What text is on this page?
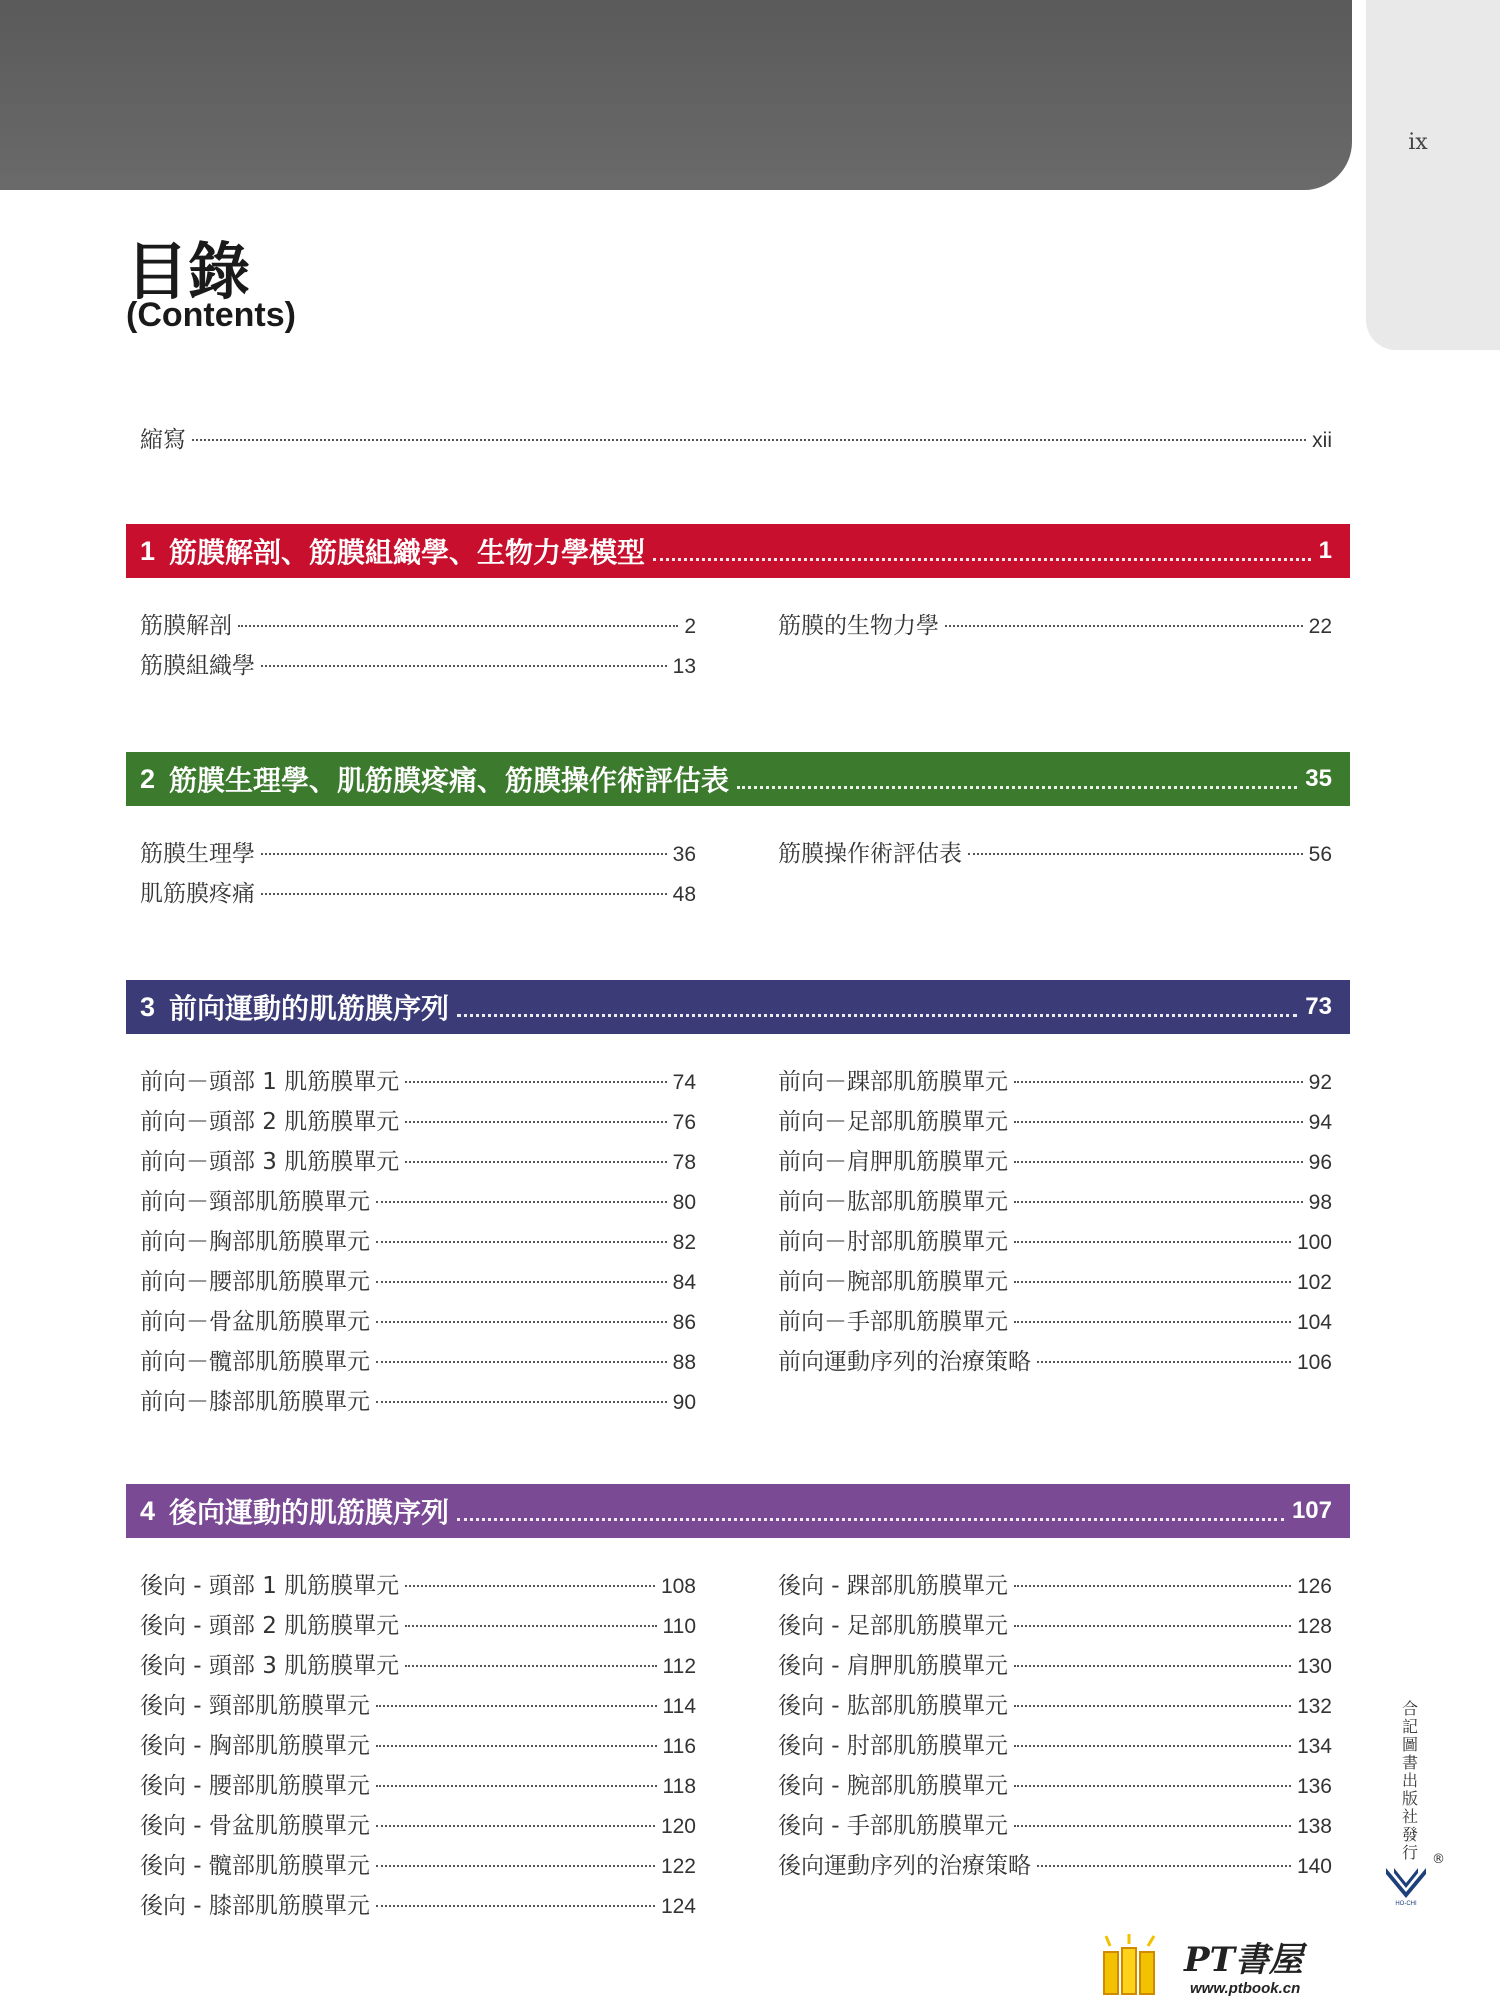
ix
目錄
(Contents)
縮寫	xii
1 筋膜解剖、筋膜組織學、生物力學模型	1
筋膜解剖	2
筋膜組織學	13
筋膜的生物力學	22
2 筋膜生理學、肌筋膜疼痛、筋膜操作術評估表	35
筋膜生理學	36
肌筋膜疼痛	48
筋膜操作術評估表	56
3 前向運動的肌筋膜序列	73
前向－頭部 1 肌筋膜單元	74
前向－頭部 2 肌筋膜單元	76
前向－頭部 3 肌筋膜單元	78
前向－頸部肌筋膜單元	80
前向－胸部肌筋膜單元	82
前向－腰部肌筋膜單元	84
前向－骨盆肌筋膜單元	86
前向－髖部肌筋膜單元	88
前向－膝部肌筋膜單元	90
前向－踝部肌筋膜單元	92
前向－足部肌筋膜單元	94
前向－肩胛肌筋膜單元	96
前向－肱部肌筋膜單元	98
前向－肘部肌筋膜單元	100
前向－腕部肌筋膜單元	102
前向－手部肌筋膜單元	104
前向運動序列的治療策略	106
4 後向運動的肌筋膜序列	107
後向 - 頭部 1 肌筋膜單元	108
後向 - 頭部 2 肌筋膜單元	110
後向 - 頭部 3 肌筋膜單元	112
後向 - 頸部肌筋膜單元	114
後向 - 胸部肌筋膜單元	116
後向 - 腰部肌筋膜單元	118
後向 - 骨盆肌筋膜單元	120
後向 - 髖部肌筋膜單元	122
後向 - 膝部肌筋膜單元	124
後向 - 踝部肌筋膜單元	126
後向 - 足部肌筋膜單元	128
後向 - 肩胛肌筋膜單元	130
後向 - 肱部肌筋膜單元	132
後向 - 肘部肌筋膜單元	134
後向 - 腕部肌筋膜單元	136
後向 - 手部肌筋膜單元	138
後向運動序列的治療策略	140
合記圖書出版社發行
HO-CHI
®
PT書屋
www.ptbook.cn
